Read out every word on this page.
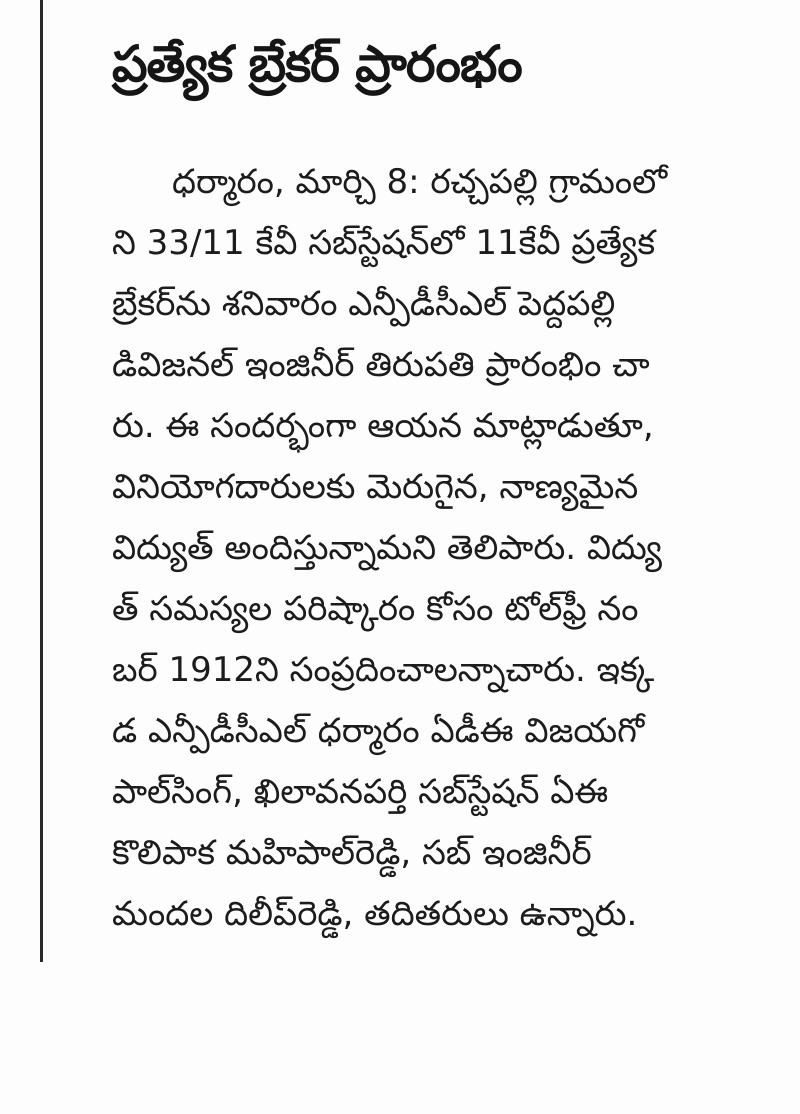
ప్రత్యేక బ్రేకర్ ప్రారంభం
ధర్మారం, మార్చి 8: రచ్చపల్లి గ్రామంలో
ని 33/11 కేవీ సబ్‌స్టేషన్‌లో 11కేవీ ప్రత్యేక
బ్రేకర్‌ను శనివారం ఎన్పీడీసీఎల్ పెద్దపల్లి
డివిజనల్ ఇంజినీర్ తిరుపతి ప్రారంభిం చా
రు. ఈ సందర్భంగా ఆయన మాట్లాడుతూ,
వినియోగదారులకు మెరుగైన, నాణ్యమైన
విద్యుత్ అందిస్తున్నామని తెలిపారు. విద్యు
త్ సమస్యల పరిష్కారం కోసం టోల్‌ఫ్రీ నం
బర్ 1912ని సంప్రదించాలన్నాచారు. ఇక్క
డ ఎన్పీడీసీఎల్ ధర్మారం ఏడీఈ విజయగో
పాల్‌సింగ్, ఖిలావనపర్తి సబ్‌స్టేషన్ ఏఈ
కొలిపాక మహిపాల్‌రెడ్డి, సబ్ ఇంజినీర్
మందల దిలీప్‌రెడ్డి, తదితరులు ఉన్నారు.
